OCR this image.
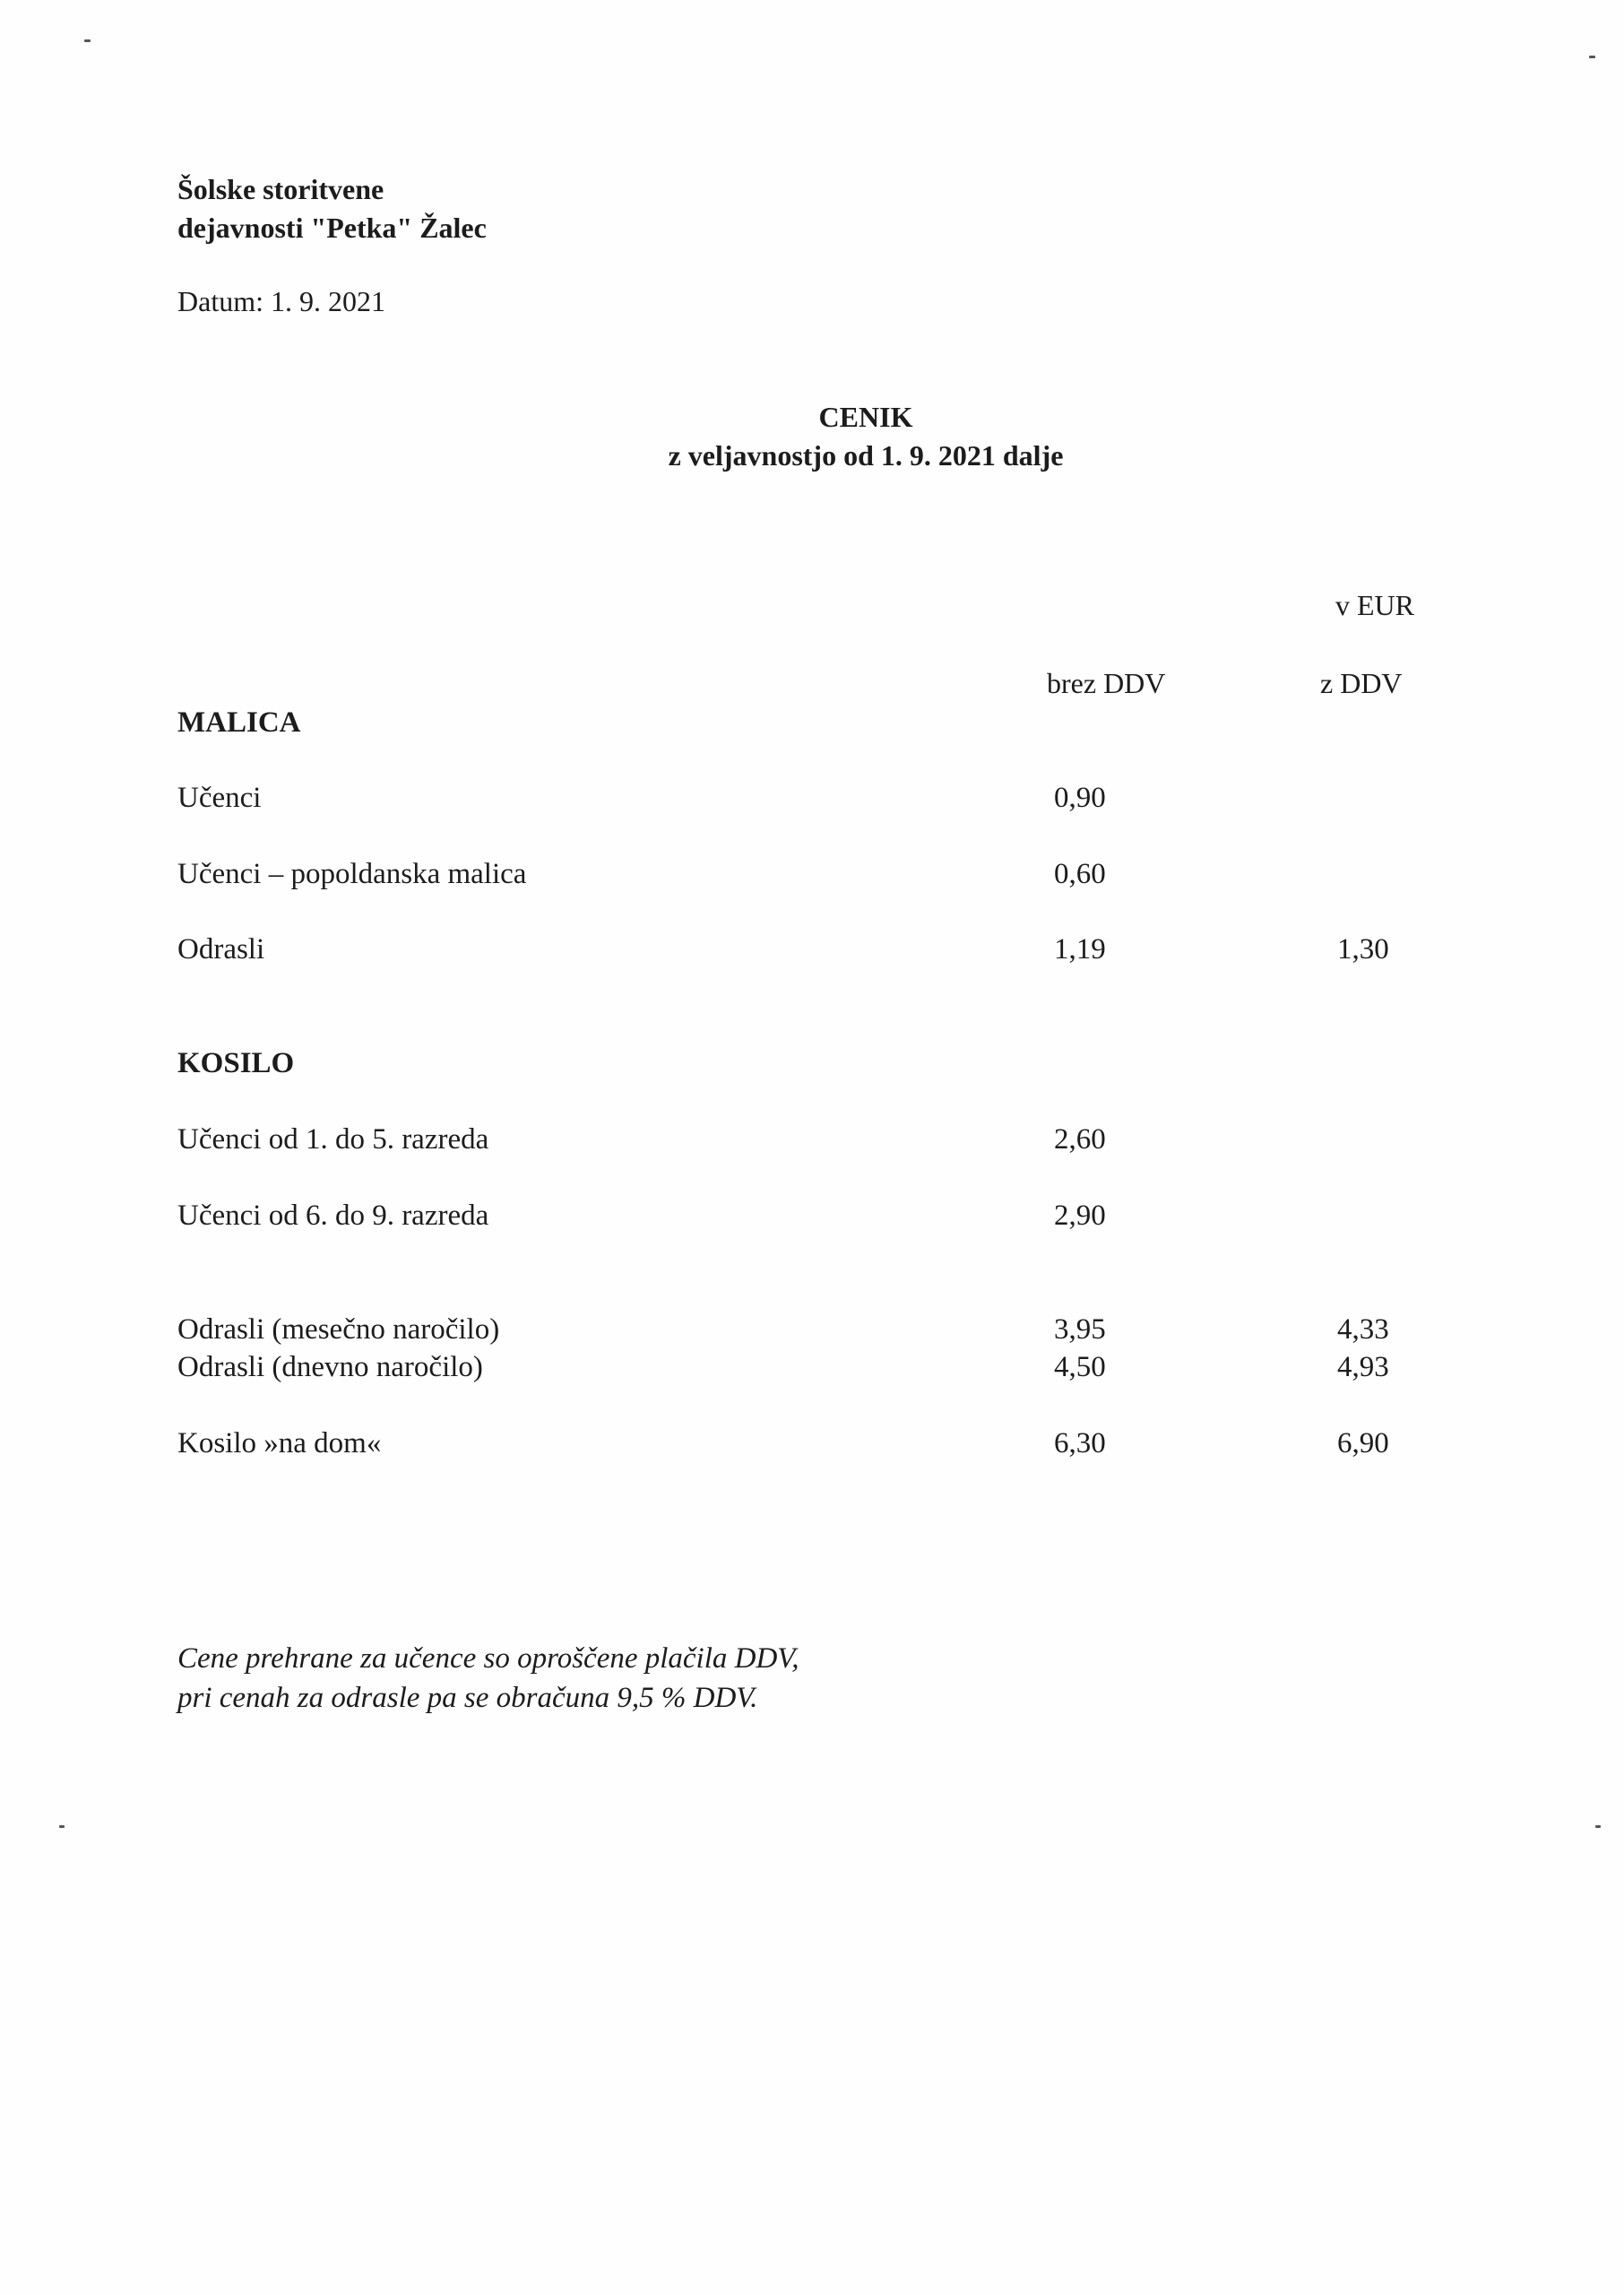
Šolske storitvene
dejavnosti "Petka" Žalec
Datum: 1. 9. 2021
CENIK
z veljavnostjo od 1. 9. 2021 dalje
v EUR
brez DDV	z DDV
MALICA
Učenci	0,90
Učenci – popoldanska malica	0,60
Odrasli	1,19	1,30
KOSILO
Učenci od 1. do 5. razreda	2,60
Učenci od 6. do 9. razreda	2,90
Odrasli (mesečno naročilo)	3,95	4,33
Odrasli (dnevno naročilo)	4,50	4,93
Kosilo »na dom«	6,30	6,90
Cene prehrane za učence so oproščene plačila DDV,
pri cenah za odrasle pa se obračuna 9,5 % DDV.
